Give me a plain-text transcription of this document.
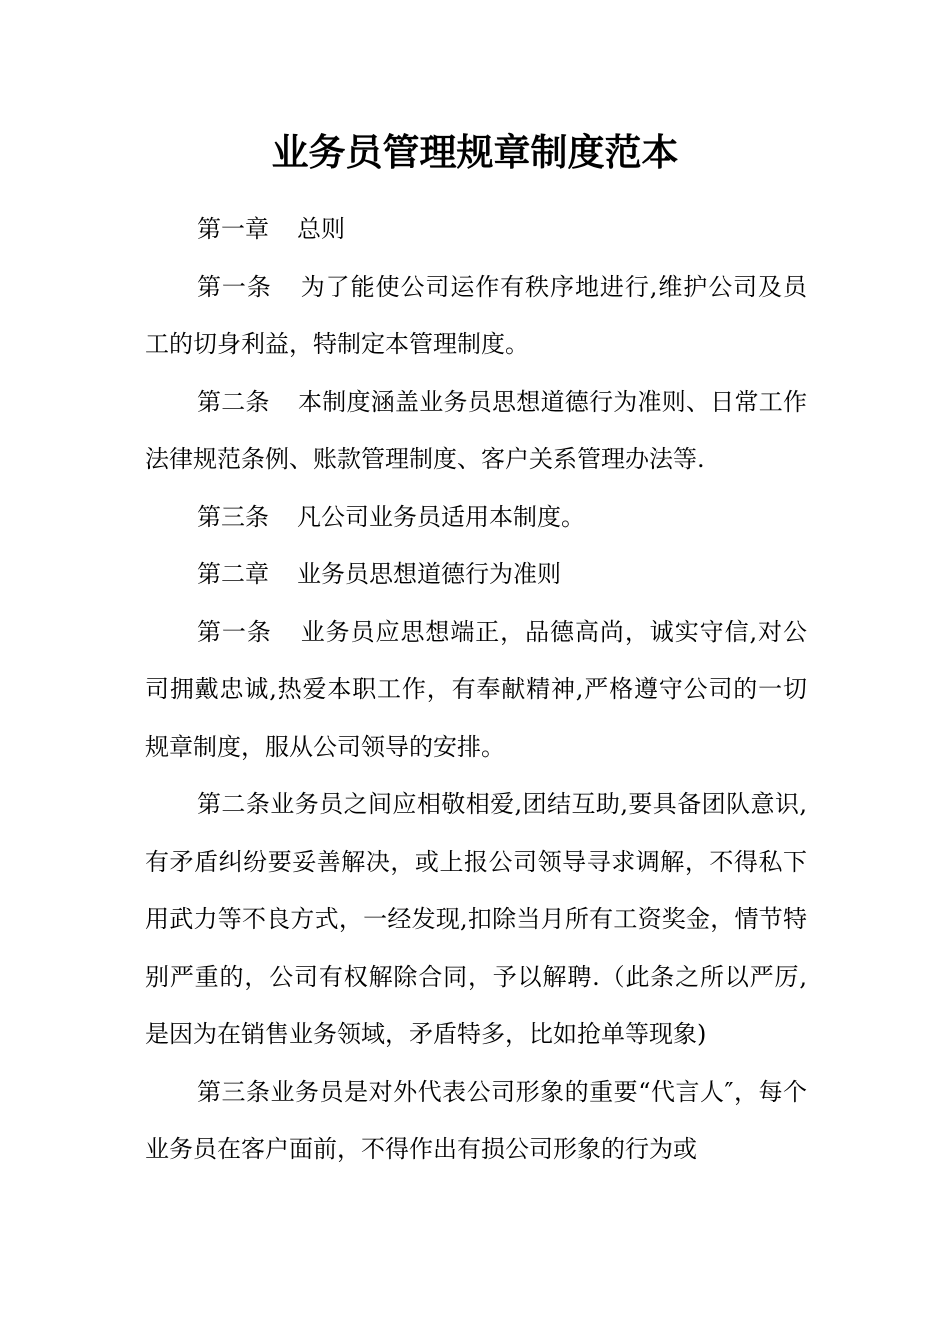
业务员管理规章制度范本

第一章 总则

第一条 为了能使公司运作有秩序地进行,维护公司及员工的切身利益，特制定本管理制度。

第二条 本制度涵盖业务员思想道德行为准则、日常工作法律规范条例、账款管理制度、客户关系管理办法等.

第三条 凡公司业务员适用本制度。

第二章 业务员思想道德行为准则

第一条 业务员应思想端正，品德高尚，诚实守信,对公司拥戴忠诚,热爱本职工作，有奉献精神,严格遵守公司的一切规章制度，服从公司领导的安排。

第二条业务员之间应相敬相爱,团结互助,要具备团队意识,有矛盾纠纷要妥善解决，或上报公司领导寻求调解，不得私下用武力等不良方式，一经发现,扣除当月所有工资奖金，情节特别严重的，公司有权解除合同，予以解聘.（此条之所以严厉,是因为在销售业务领域，矛盾特多，比如抢单等现象)

第三条业务员是对外代表公司形象的重要“代言人″，每个业务员在客户面前，不得作出有损公司形象的行为或
